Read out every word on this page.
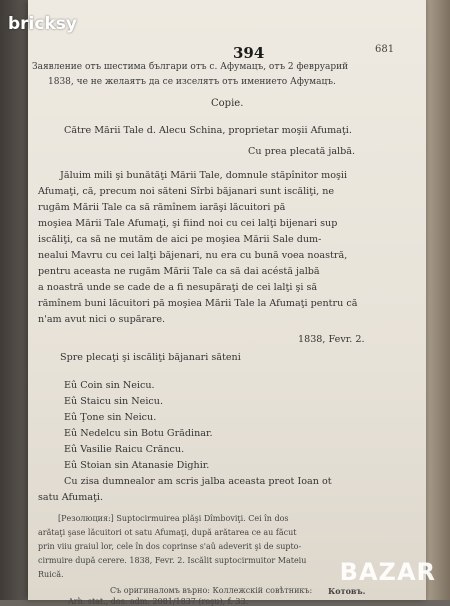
394	681
Заявление отъ шестима българи отъ с. Афумацъ, отъ 2 февруарий
1838, че не желаятъ да се изселятъ отъ имението Афумацъ.
Copie.
Către Mării Tale d. Alecu Schina, proprietar moşii Afumaţi.
Cu prea plecată jalbă.
Jăluim mili şi bunătăţi Mării Tale, domnule stăpînitor moşii
Afumaţi, că, precum noi săteni Sîrbi băjanari sunt iscăliţi, ne
rugăm Mării Tale ca să rămînem iarăşi lăcuitori pă
moşiea Mării Tale Afumaţi, şi fiind noi cu cei lalţi bijenari sup
iscăliţi, ca să ne mutăm de aici pe moşiea Mării Sale dum-
nealui Mavru cu cei lalţi băjenari, nu era cu bună voea noastră,
pentru aceasta ne rugăm Mării Tale ca să dai acéstă jalbă
a noastră unde se cade de a fi nesupăraţi de cei lalţi şi să
rămînem buni lăcuitori pă moşiea Mării Tale la Afumaţi pentru că
n'am avut nici o supărare.
1838, Fevr. 2.
Spre plecaţi şi iscăliţi băjanari săteni
Eû Coin sin Neicu.
Eû Staicu sin Neicu.
Eû Ţone sin Neicu.
Eû Nedelcu sin Botu Grădinar.
Eû Vasilie Raicu Crăncu.
Eû Stoian sin Atanasie Dighir.
Cu zisa dumnealor am scris jalba aceasta preot Ioan ot
satu Afumaţi.
[Резолюция:] Suptocirmuirea plăşi Dîmboviţi. Cei în dos
arătaţi şase lăcuitori ot satu Afumaţi, după arătarea ce au făcut
prin viiu graiul lor, cele în dos coprinse s'aû adeverit şi de supto-
cirmuire după cerere. 1838, Fevr. 2. Iscălit suptocirmuitor Mateiu
Ruică.
Съ оригиналомъ върно: Коллежскій совѣтникъ: Котовъ.
Arh. stat., dos. adm. 2081/1837 (roşu), f. 33.
bricksy
BAZAR
